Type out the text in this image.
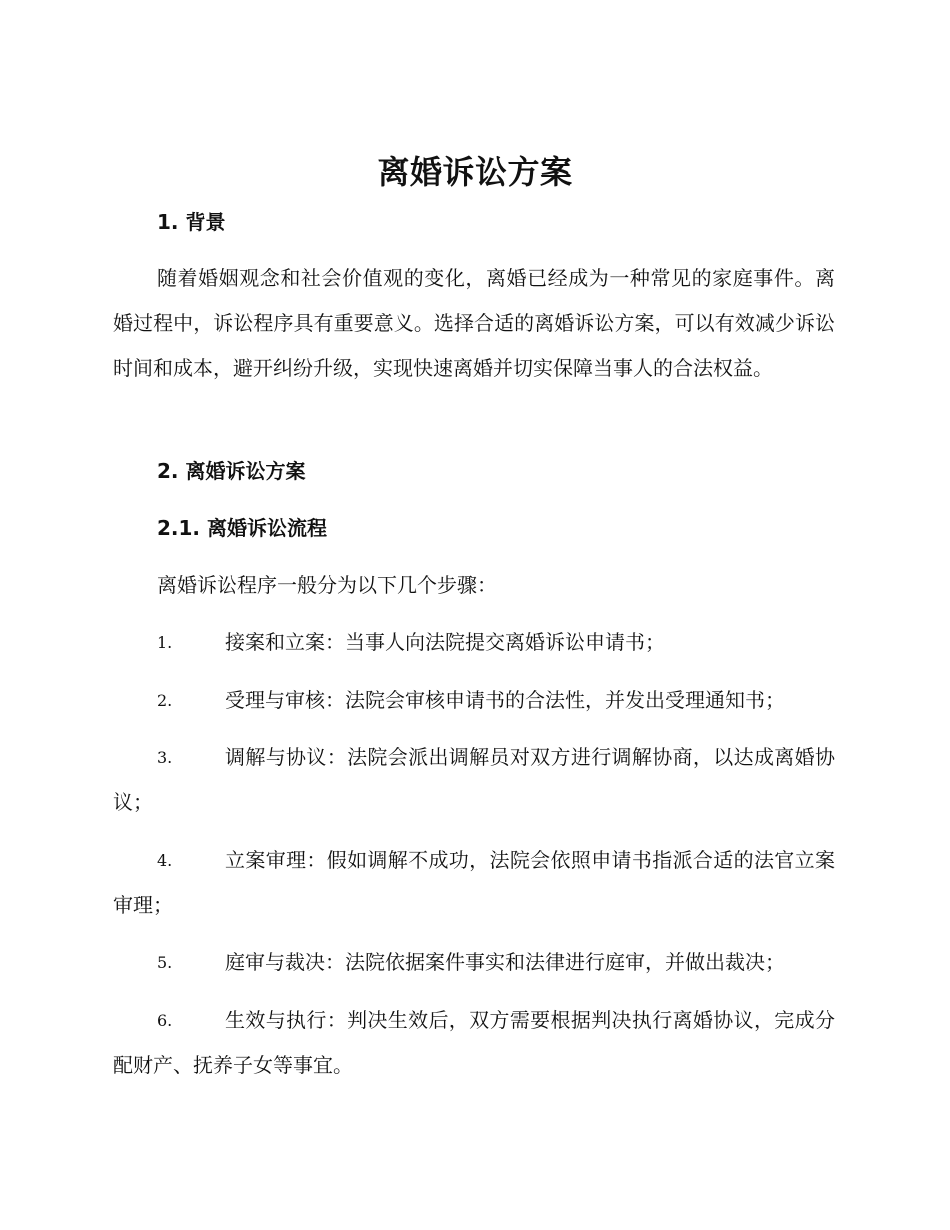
离婚诉讼方案
1. 背景
随着婚姻观念和社会价值观的变化，离婚已经成为一种常见的家庭事件。离婚过程中，诉讼程序具有重要意义。选择合适的离婚诉讼方案，可以有效减少诉讼时间和成本，避开纠纷升级，实现快速离婚并切实保障当事人的合法权益。
2. 离婚诉讼方案
2.1. 离婚诉讼流程
离婚诉讼程序一般分为以下几个步骤：
1.	接案和立案：当事人向法院提交离婚诉讼申请书；
2.	受理与审核：法院会审核申请书的合法性，并发出受理通知书；
3.	调解与协议：法院会派出调解员对双方进行调解协商，以达成离婚协议；
4.	立案审理：假如调解不成功，法院会依照申请书指派合适的法官立案审理；
5.	庭审与裁决：法院依据案件事实和法律进行庭审，并做出裁决；
6.	生效与执行：判决生效后，双方需要根据判决执行离婚协议，完成分配财产、抚养子女等事宜。
